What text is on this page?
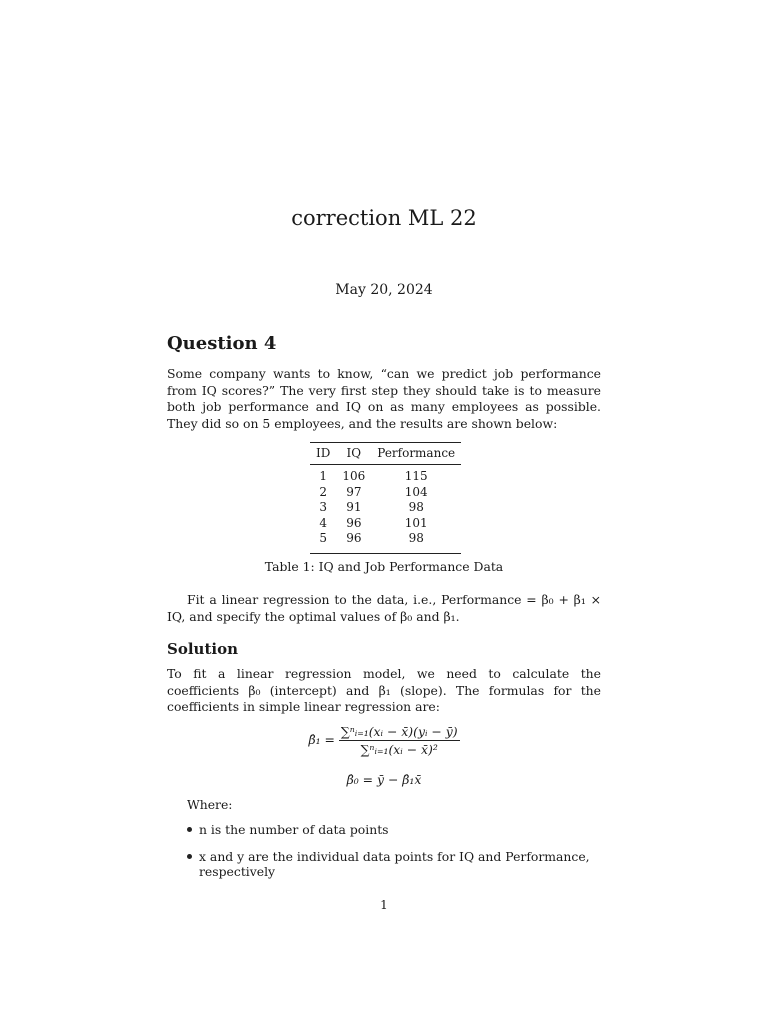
correction ML 22
May 20, 2024
Question 4
Some company wants to know, “can we predict job performance from IQ scores?” The very first step they should take is to measure both job performance and IQ on as many employees as possible. They did so on 5 employees, and the results are shown below:
ID	IQ	Performance
1	106	115
2	97	104
3	91	98
4	96	101
5	96	98
Table 1: IQ and Job Performance Data
Fit a linear regression to the data, i.e., Performance = β₀ + β₁ × IQ, and specify the optimal values of β₀ and β₁.
Solution
To fit a linear regression model, we need to calculate the coefficients β₀ (intercept) and β₁ (slope). The formulas for the coefficients in simple linear regression are:
β̂₁ = $\frac{\text{∑ⁿᵢ₌₁(xᵢ − x̄)(yᵢ − ȳ)}}{\text{∑ⁿᵢ₌₁(xᵢ − x̄)²}}$
β̂₀ = ȳ − β̂₁x̄
Where:
n is the number of data points
x and y are the individual data points for IQ and Performance, respectively
1
